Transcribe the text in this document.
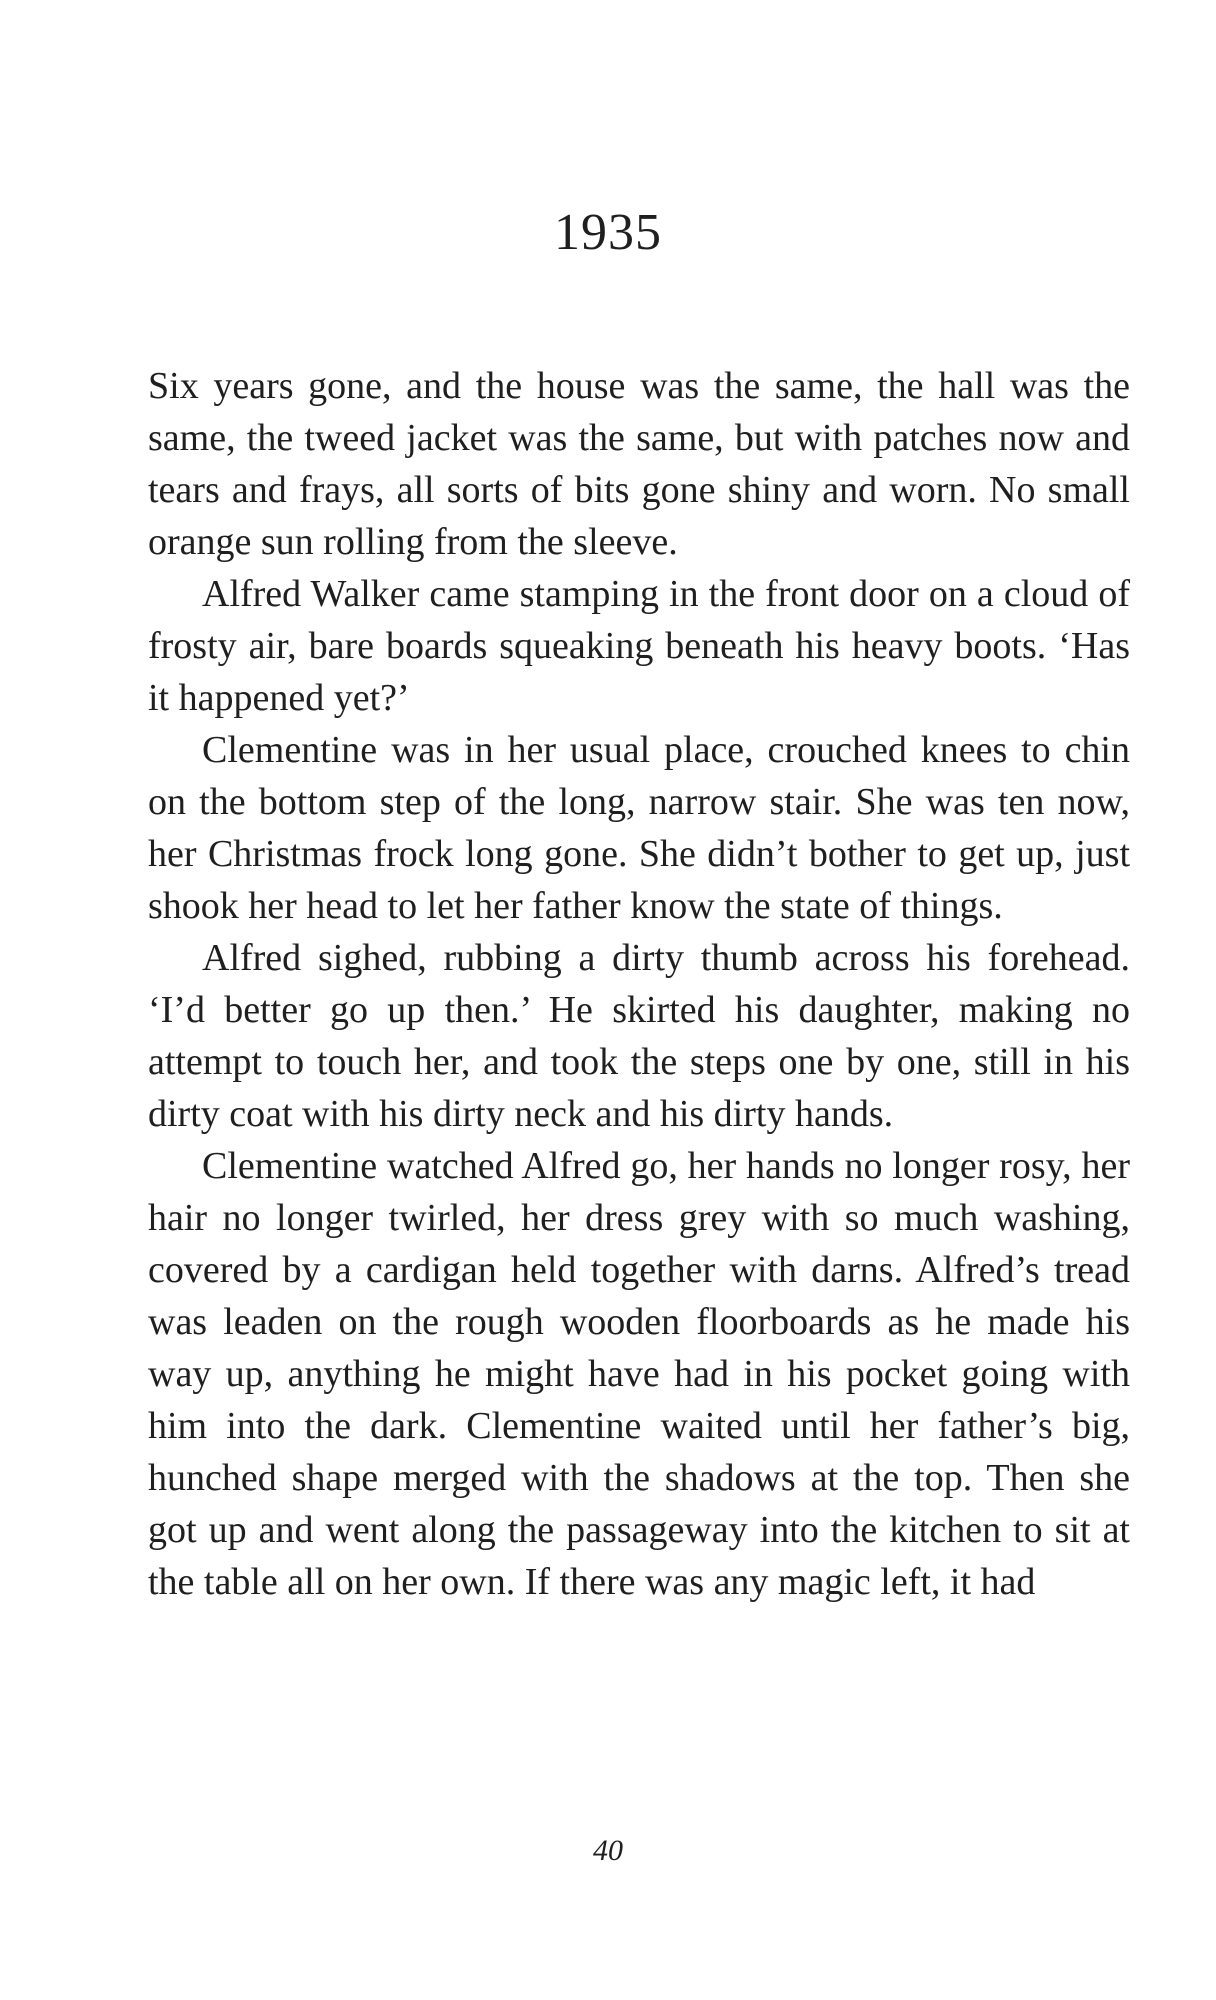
1935

Six years gone, and the house was the same, the hall was the same, the tweed jacket was the same, but with patches now and tears and frays, all sorts of bits gone shiny and worn. No small orange sun rolling from the sleeve.

Alfred Walker came stamping in the front door on a cloud of frosty air, bare boards squeaking beneath his heavy boots. ‘Has it happened yet?’

Clementine was in her usual place, crouched knees to chin on the bottom step of the long, narrow stair. She was ten now, her Christmas frock long gone. She didn’t bother to get up, just shook her head to let her father know the state of things.

Alfred sighed, rubbing a dirty thumb across his forehead. ‘I’d better go up then.’ He skirted his daughter, making no attempt to touch her, and took the steps one by one, still in his dirty coat with his dirty neck and his dirty hands.

Clementine watched Alfred go, her hands no longer rosy, her hair no longer twirled, her dress grey with so much washing, covered by a cardigan held together with darns. Alfred’s tread was leaden on the rough wooden floorboards as he made his way up, anything he might have had in his pocket going with him into the dark. Clementine waited until her father’s big, hunched shape merged with the shadows at the top. Then she got up and went along the passageway into the kitchen to sit at the table all on her own. If there was any magic left, it had

40
